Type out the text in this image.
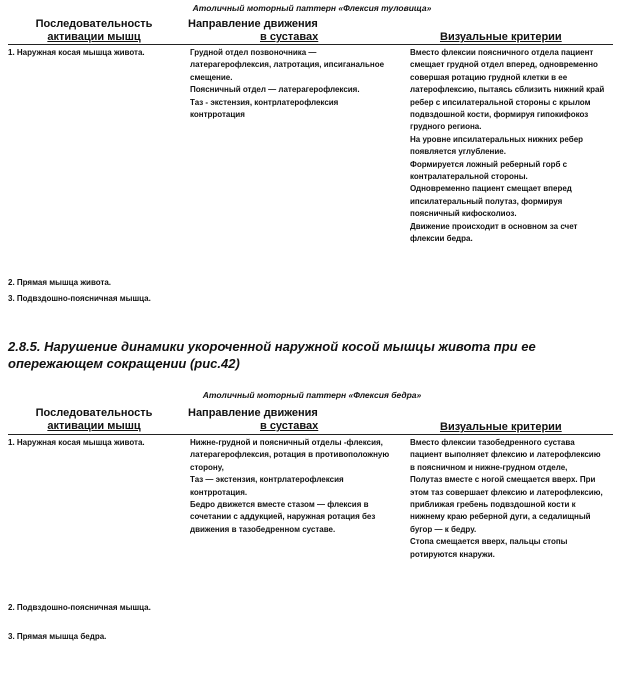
Атоличный моторный паттерн «Флексия туловища»
Последовательность
активации мышц
Направление движения
в суставах	Визуальные критерии
1. Наружная косая мышца живота.
2. Прямая мышца живота.
3. Подвздошно-поясничная мышца.

Грудной отдел позвоночника — латерагерофлексия, латротация, ипсиганальное смещение.

Поясничный отдел — латерагерофлексия.

Таз - экстензия, контрлатерофлексия контрротация

Вместо флексии поясничного отдела пациент смещает грудной отдел вперед, одновременно совершая ротацию грудной клетки в ее латерофлексию, пытаясь сблизить нижний край ребер с ипсилатеральной стороны с крылом подвздошной кости, формируя гипокифокоз грудного региона.

На уровне ипсилатеральных нижних ребер появляется углубление.

Формируется ложный реберный горб с контралатеральной стороны.

Одновременно пациент смещает вперед ипсилатеральный полутаз, формируя поясничный кифосколиоз.

Движение происходит в основном за счет флексии бедра.

2.8.5. Нарушение динамики укороченной наружной косой мышцы живота при ее опережающем сокращении (рис.42)
Атоличный моторный паттерн «Флексия бедра»
Последовательность
активации мышц
Направление движения
в суставах	Визуальные критерии
1. Наружная косая мышца живота.
2. Подвздошно-поясничная мышца.
3. Прямая мышца бедра.

Нижне-грудной и поясничный отделы -флексия, латерагерофлексия, ротация в противоположную сторону,

Таз — экстензия, контрлатерофлексия контрротация.

Бедро движется вместе стазом — флексия в сочетании с аддукцией, наружная ротация без движения в тазобедренном суставе.

Вместо флексии тазобедренного сустава пациент выполняет флексию и латерофлексию в поясничном и нижне-грудном отделе,

Полутаз вместе с ногой смещается вверх. При этом таз совершает флексию и латерофлексию, приближая гребень подвздошной кости к нижнему краю реберной дуги, а седалищный бугор — к бедру.

Стопа смещается вверх, пальцы стопы ротируются кнаружи.
